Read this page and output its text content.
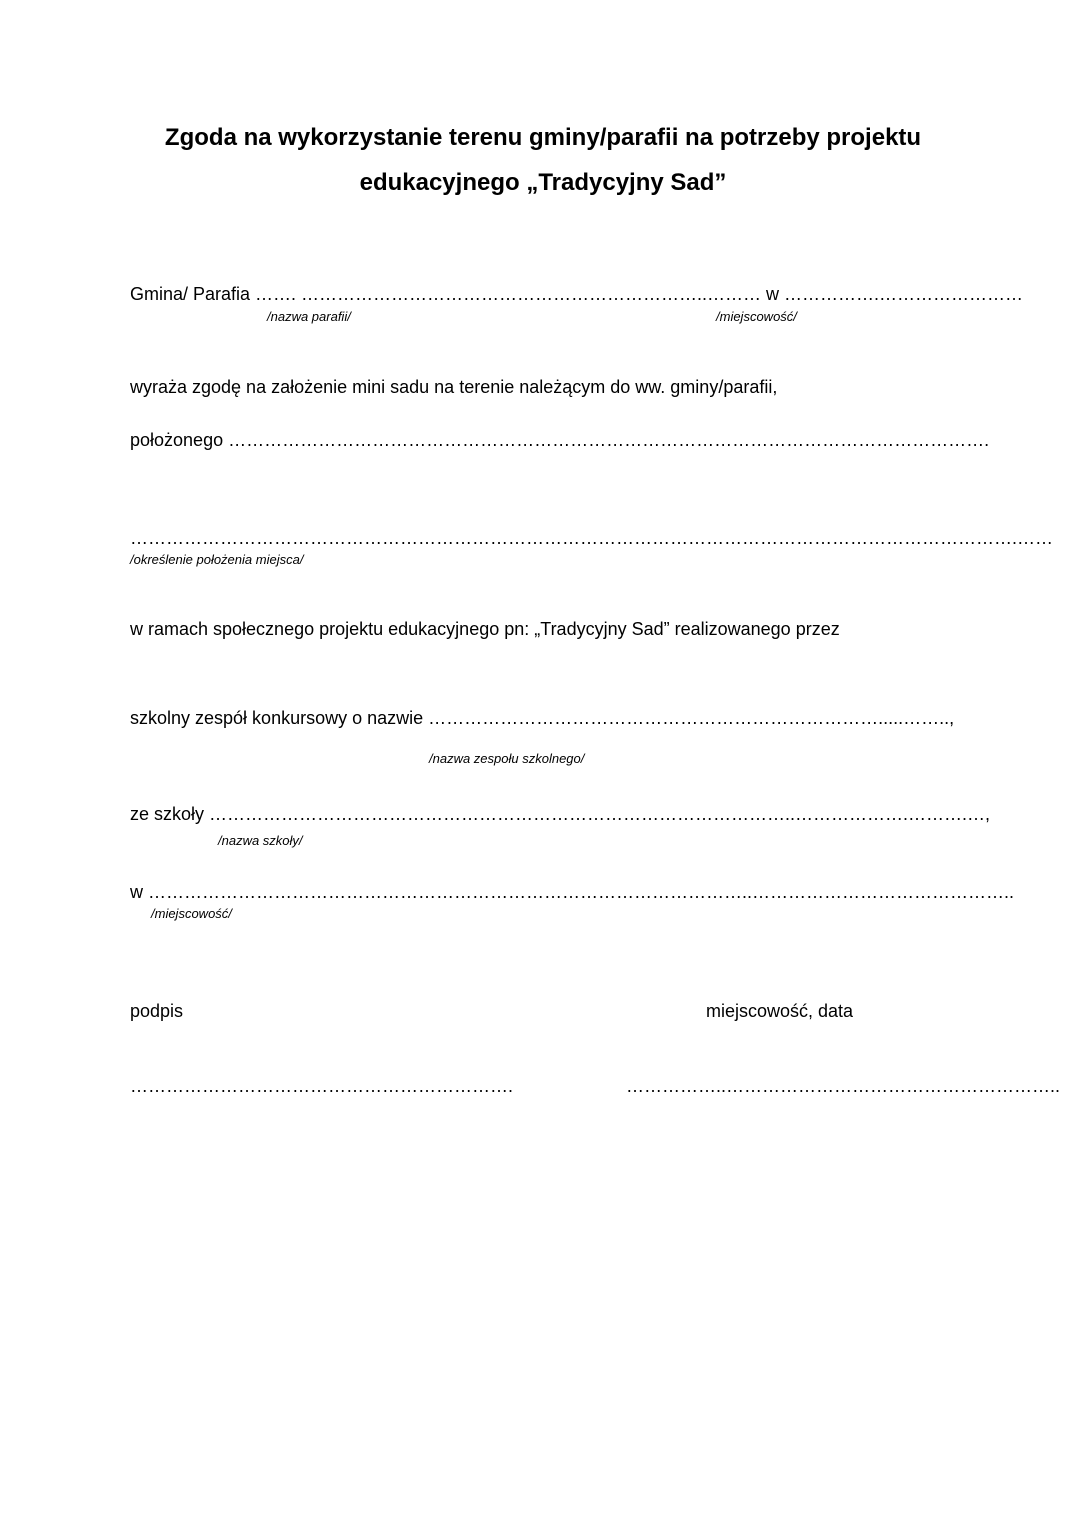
Zgoda na wykorzystanie terenu gminy/parafii na potrzeby projektu

edukacyjnego „Tradycyjny Sad”

Gmina/ Parafia ……. …………………………………………………………..……… w …………….……………………

/nazwa parafii/	/miejscowość/

wyraża zgodę na założenie mini sadu na terenie należącym do ww. gminy/parafii,

położonego ……………………………………………………………………………………………………………….

………………………………………………………………………………………………………………………………….……

/określenie położenia miejsca/

w ramach społecznego projektu edukacyjnego pn: „Tradycyjny Sad” realizowanego przez

szkolny zespół konkursowy o nazwie ………………………………………………………………….....……..,

/nazwa zespołu szkolnego/

ze szkoły ……………………………………………………………………………………..……………….……….…,

/nazwa szkoły/

w ………………………………………………………………………………………..……………………………………..

/miejscowość/

podpis	miejscowość, data

……………………………………………………….	……………..………………………………………………..
